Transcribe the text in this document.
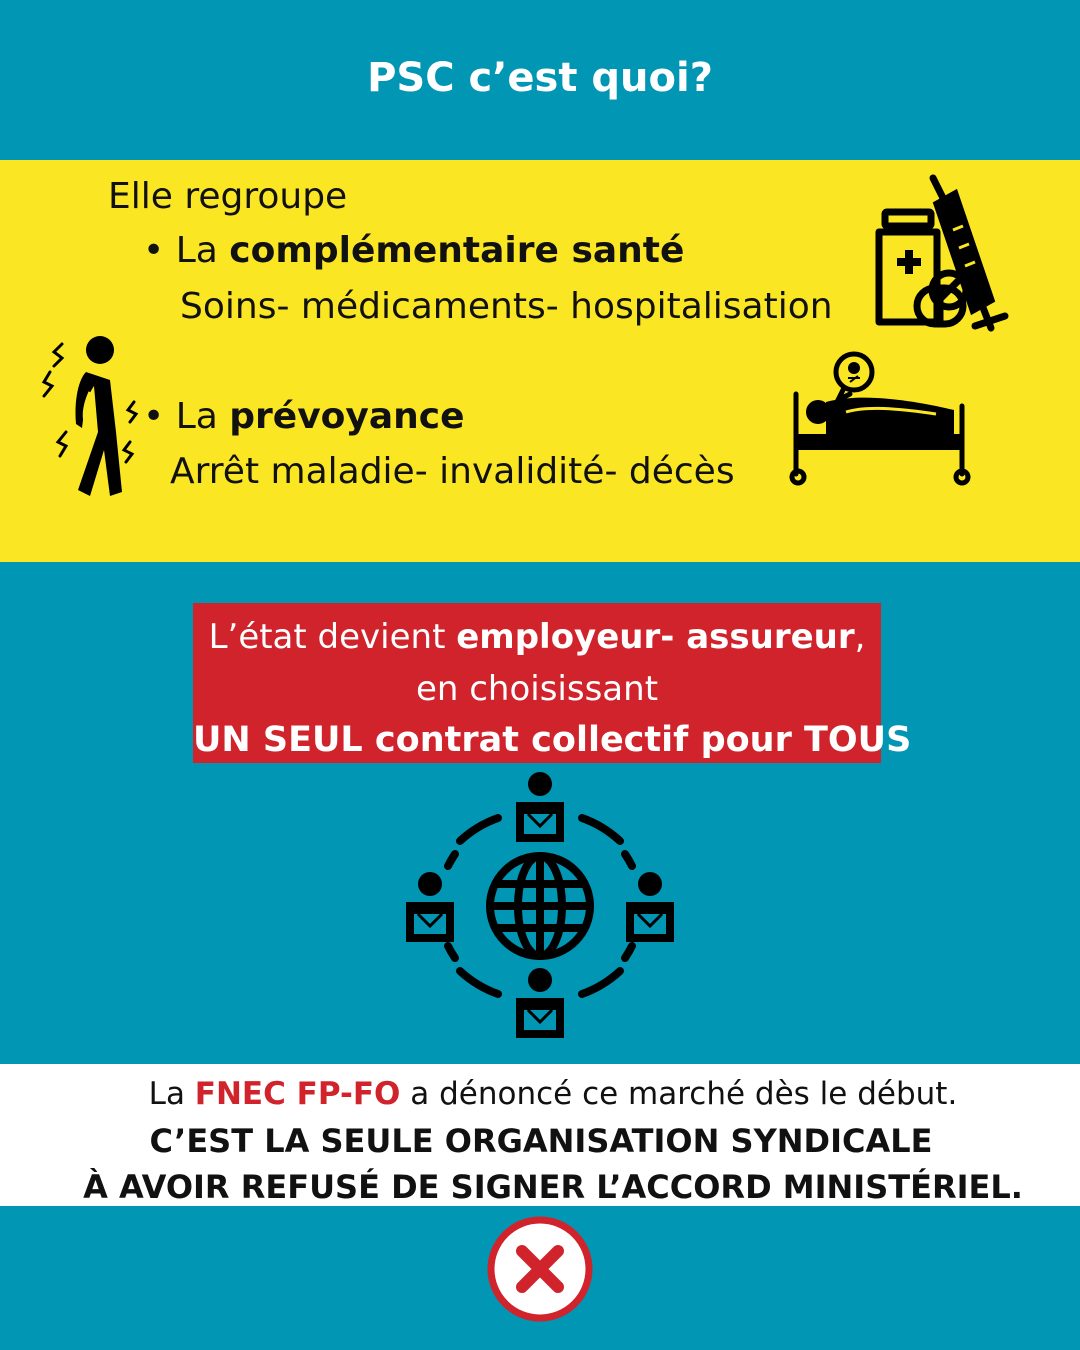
PSC c’est quoi?
Elle regroupe
• La complémentaire santé
Soins- médicaments- hospitalisation
• La prévoyance
Arrêt maladie- invalidité- décès
L’état devient employeur- assureur,
en choisissant
UN SEUL contrat collectif pour TOUS
La FNEC FP-FO a dénoncé ce marché dès le début.
C’EST LA SEULE ORGANISATION SYNDICALE
À AVOIR REFUSÉ DE SIGNER L’ACCORD MINISTÉRIEL.
